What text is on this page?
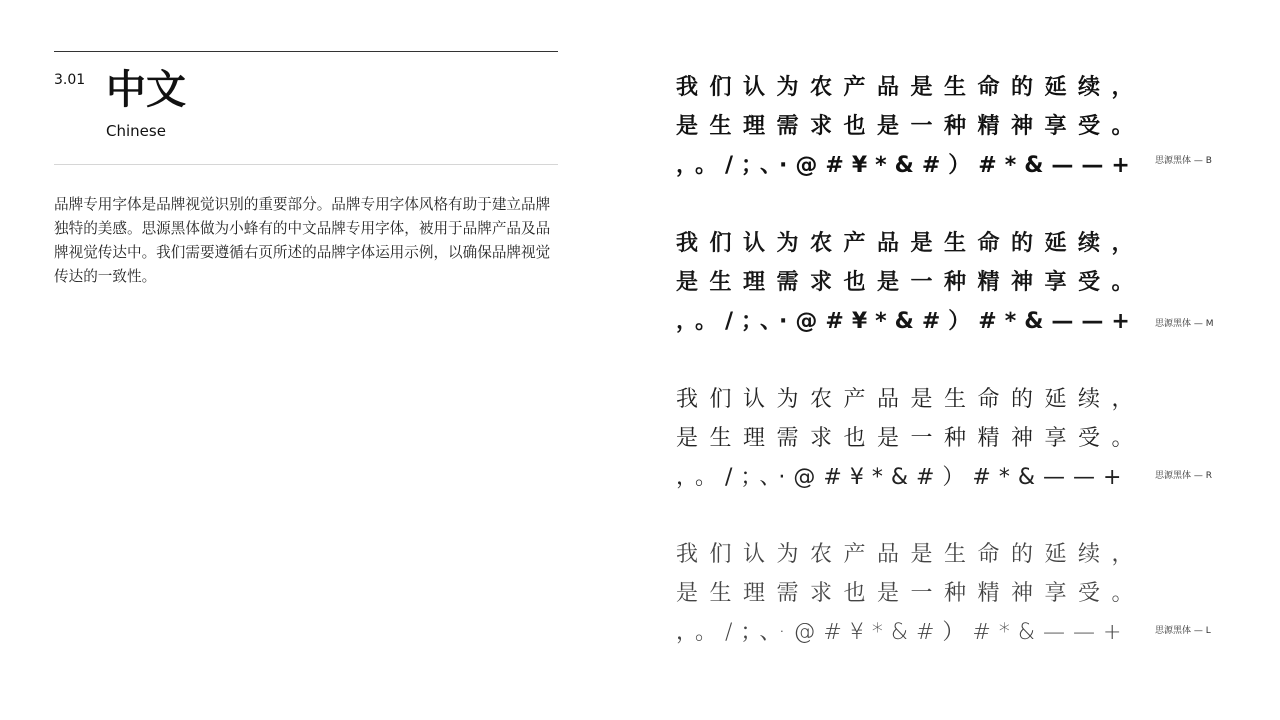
3.01 中文
Chinese

品牌专用字体是品牌视觉识别的重要部分。品牌专用字体风格有助于建立品牌独特的美感。思源黑体做为小蜂有的中文品牌专用字体，被用于品牌产品及品牌视觉传达中。我们需要遵循右页所述的品牌字体运用示例，以确保品牌视觉传达的一致性。

我们认为农产品是生命的延续，
是生理需求也是一种精神享受。
，。/；、·@#¥*&#）#*&——+	思源黑体 — B
我们认为农产品是生命的延续，
是生理需求也是一种精神享受。
，。/；、·@#¥*&#）#*&——+	思源黑体 — M
我们认为农产品是生命的延续，
是生理需求也是一种精神享受。
，。/；、·@#¥*&#）#*&——+	思源黑体 — R
我们认为农产品是生命的延续，
是生理需求也是一种精神享受。
，。/；、·@#¥*&#）#*&——+	思源黑体 — L
